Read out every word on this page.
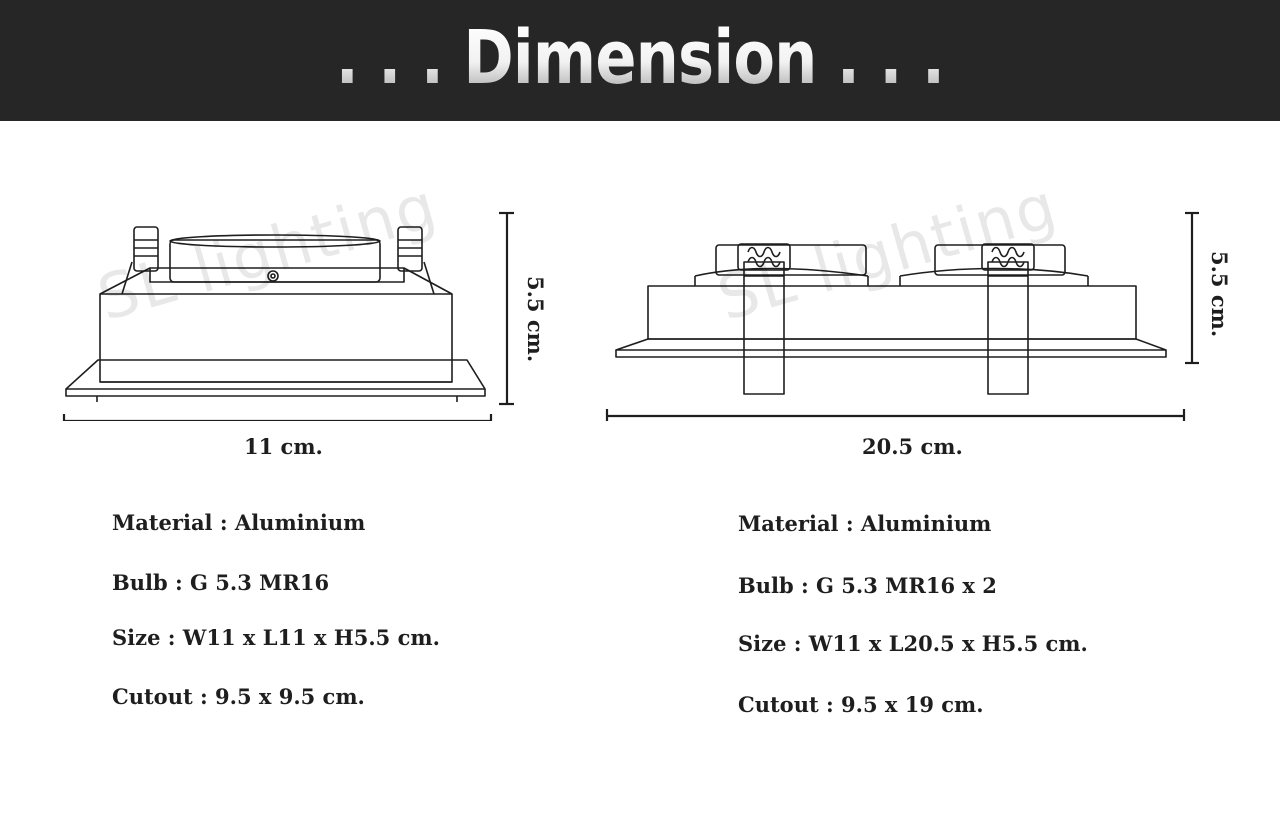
. . . Dimension . . .
SL lighting	SL lighting
11 cm.
5.5 cm.
20.5 cm.
5.5 cm.
Material : Aluminium
Bulb : G 5.3 MR16
Size : W11 x L11 x H5.5 cm.
Cutout : 9.5 x 9.5 cm.
Material : Aluminium
Bulb : G 5.3 MR16 x 2
Size : W11 x L20.5 x H5.5 cm.
Cutout : 9.5 x 19 cm.
